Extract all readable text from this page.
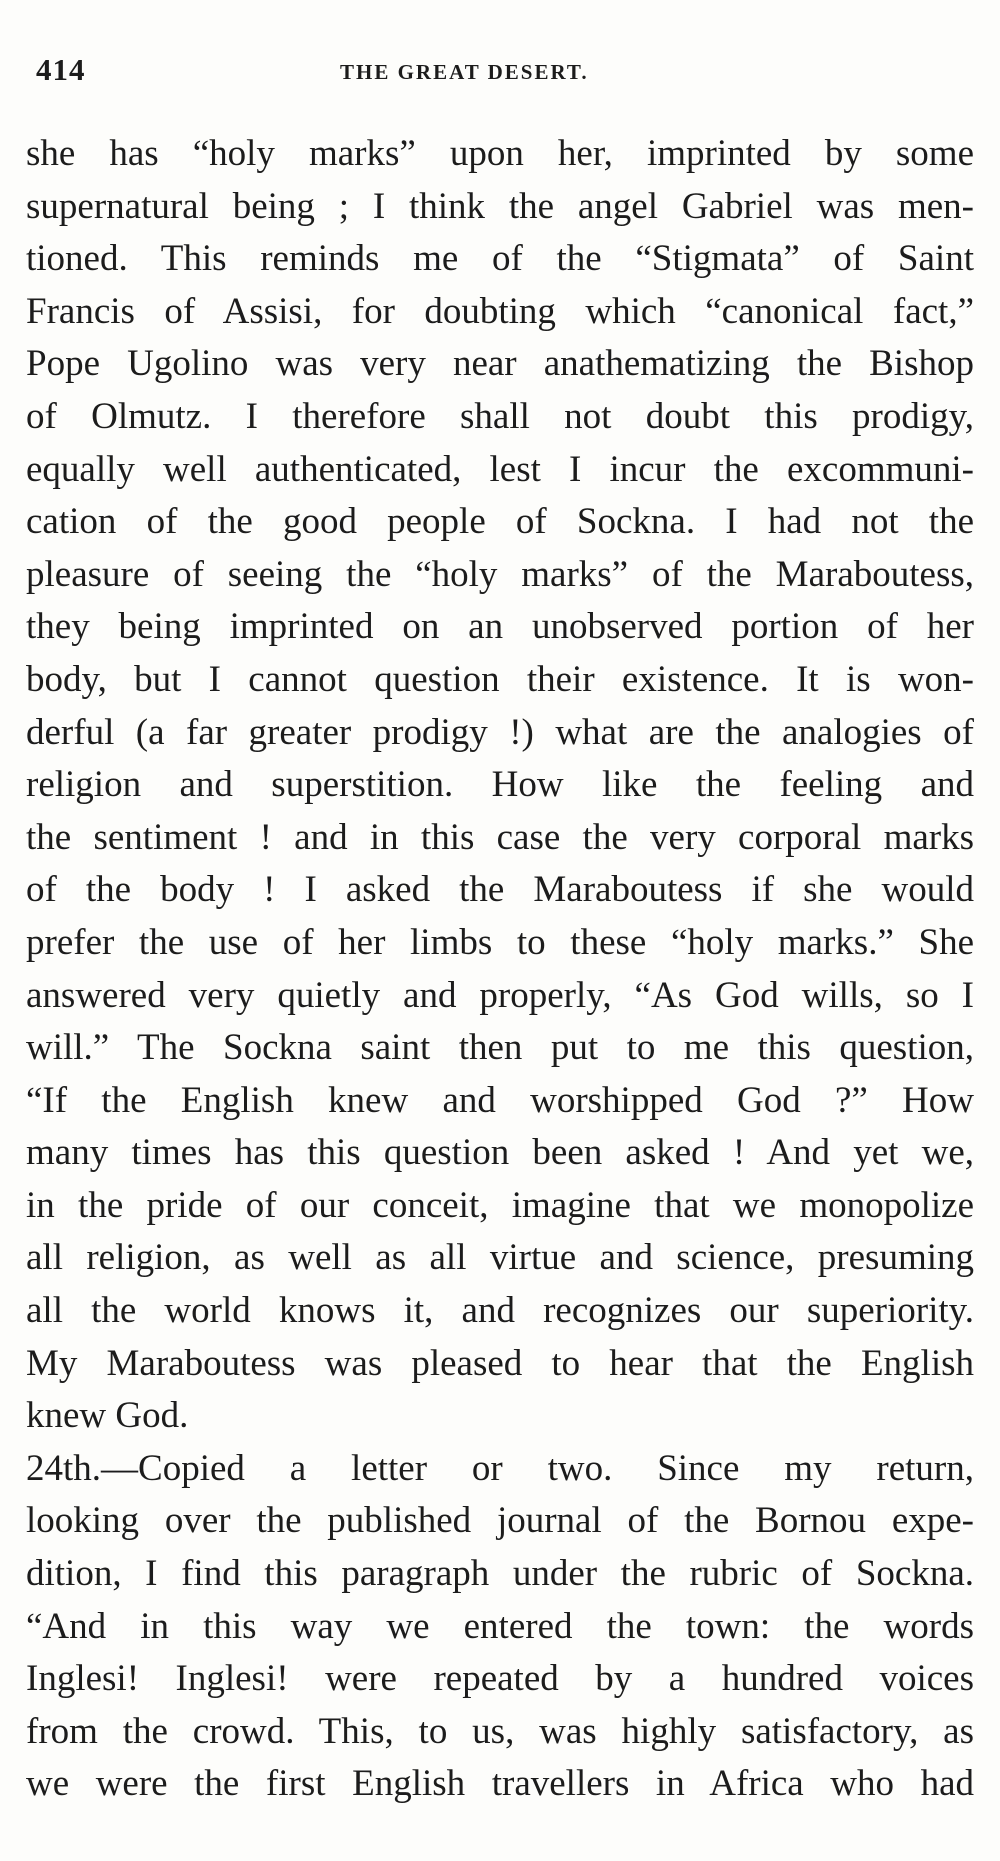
414	THE GREAT DESERT.
she has “holy marks” upon her, imprinted by some
supernatural being ; I think the angel Gabriel was men-
tioned. This reminds me of the “Stigmata” of Saint
Francis of Assisi, for doubting which “canonical fact,”
Pope Ugolino was very near anathematizing the Bishop
of Olmutz. I therefore shall not doubt this prodigy,
equally well authenticated, lest I incur the excommuni-
cation of the good people of Sockna. I had not the
pleasure of seeing the “holy marks” of the Maraboutess,
they being imprinted on an unobserved portion of her
body, but I cannot question their existence. It is won-
derful (a far greater prodigy !) what are the analogies of
religion and superstition. How like the feeling and
the sentiment ! and in this case the very corporal marks
of the body ! I asked the Maraboutess if she would
prefer the use of her limbs to these “holy marks.” She
answered very quietly and properly, “As God wills, so I
will.” The Sockna saint then put to me this question,
“If the English knew and worshipped God ?” How
many times has this question been asked ! And yet we,
in the pride of our conceit, imagine that we monopolize
all religion, as well as all virtue and science, presuming
all the world knows it, and recognizes our superiority.
My Maraboutess was pleased to hear that the English
knew God.
24th.—Copied a letter or two. Since my return,
looking over the published journal of the Bornou expe-
dition, I find this paragraph under the rubric of Sockna.
“And in this way we entered the town: the words
Inglesi! Inglesi! were repeated by a hundred voices
from the crowd. This, to us, was highly satisfactory, as
we were the first English travellers in Africa who had
